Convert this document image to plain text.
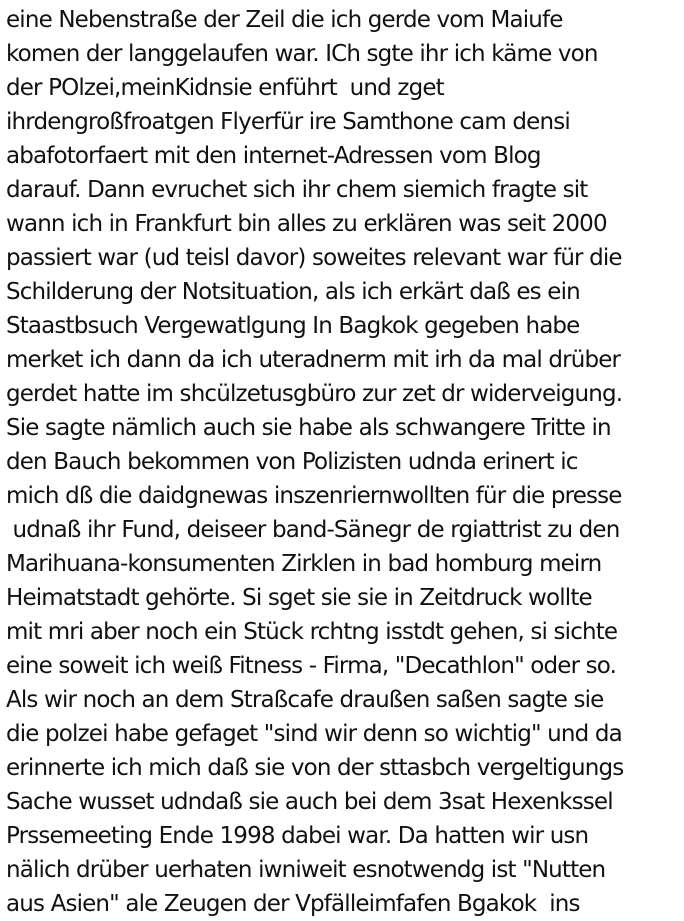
eine Nebenstraße der Zeil die ich gerde vom Maiufe
komen der langgelaufen war. ICh sgte ihr ich käme von
der POlzei,meinKidnsie enführt  und zget
ihrdengroßfroatgen Flyerfür ire Samthone cam densi
abafotorfaert mit den internet-Adressen vom Blog
darauf. Dann evruchet sich ihr chem siemich fragte sit
wann ich in Frankfurt bin alles zu erklären was seit 2000
passiert war (ud teisl davor) soweites relevant war für die
Schilderung der Notsituation, als ich erkärt daß es ein
Staastbsuch Vergewatlgung In Bagkok gegeben habe
merket ich dann da ich uteradnerm mit irh da mal drüber
gerdet hatte im shcülzetusgbüro zur zet dr widerveigung.
Sie sagte nämlich auch sie habe als schwangere Tritte in
den Bauch bekommen von Polizisten udnda erinert ic
mich dß die daidgnewas inszenriernwollten für die presse
udnaß ihr Fund, deiseer band-Sänegr de rgiattrist zu den
Marihuana-konsumenten Zirklen in bad homburg meirn
Heimatstadt gehörte. Si sget sie sie in Zeitdruck wollte
mit mri aber noch ein Stück rchtng isstdt gehen, si sichte
eine soweit ich weiß Fitness - Firma, "Decathlon" oder so.
Als wir noch an dem Straßcafe draußen saßen sagte sie
die polzei habe gefaget "sind wir denn so wichtig" und da
erinnerte ich mich daß sie von der sttasbch vergeltigungs
Sache wusset udndaß sie auch bei dem 3sat Hexenkssel
Prssemeeting Ende 1998 dabei war. Da hatten wir usn
nälich drüber uerhaten iwniweit esnotwendg ist "Nutten
aus Asien" ale Zeugen der Vpfälleimfafen Bgakok  ins
